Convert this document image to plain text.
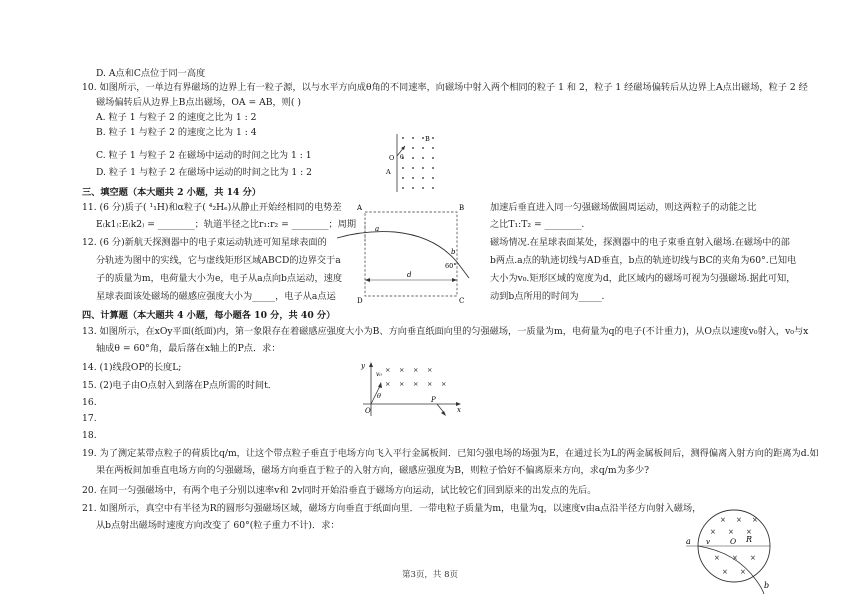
D. A点和C点位于同一高度
10. 如图所示，一单边有界磁场的边界上有一粒子源，以与水平方向成θ角的不同速率，向磁场中射入两个相同的粒子 1 和 2，粒子 1 经磁场偏转后从边界上A点出磁场，粒子 2 经
磁场偏转后从边界上B点出磁场，OA = AB，则( )
A. 粒子 1 与粒子 2 的速度之比为 1 : 2
B. 粒子 1 与粒子 2 的速度之比为 1 : 4
C. 粒子 1 与粒子 2 在磁场中运动的时间之比为 1 : 1
D. 粒子 1 与粒子 2 在磁场中运动的时间之比为 1 : 2
B
A
O θ
三、填空题（本大题共 2 小题，共 14 分）
11. (6 分)质子( ¹₁H)和α粒子( ⁴₂Hₑ)从静止开始经相同的电势差	加速后垂直进入同一匀强磁场做圆周运动，则这两粒子的动能之比
E₍k1₎:E₍k2₎ = ________；轨道半径之比r₁:r₂ = ________；周期	之比T₁:T₂ = ________.
12. (6 分)新航天探测器中的电子束运动轨迹可知星球表面的	磁场情况.在星球表面某处，探测器中的电子束垂直射入磁场.在磁场中的部
分轨迹为图中的实线，它与虚线矩形区域ABCD的边界交于a	b两点.a点的轨迹切线与AD垂直，b点的轨迹切线与BC的夹角为60°.已知电
子的质量为m，电荷量大小为e，电子从a点向b点运动，速度	大小为v₀.矩形区域的宽度为d，此区域内的磁场可视为匀强磁场.据此可知，
星球表面该处磁场的磁感应强度大小为_____，电子从a点运	动到b点所用的时间为_____.
A	B
C
D
a
b
60°
d
四、计算题（本大题共 4 小题，每小题各 10 分，共 40 分）
13. 如图所示，在xOy平面(纸面)内，第一象限存在着磁感应强度大小为B、方向垂直纸面向里的匀强磁场，一质量为m，电荷量为q的电子(不计重力)，从O点以速度v₀射入，v₀与x
轴成θ = 60°角，最后落在x轴上的P点．求：
14. (1)线段OP的长度L;
15. (2)电子由O点射入到落在P点所需的时间t．
16.
17.
18.
y
O	x
P
θ
v₀
× × × ×
× × × × ×
19. 为了测定某带点粒子的荷质比q/m，让这个带点粒子垂直于电场方向飞入平行金属板间．已知匀强电场的场强为E，在通过长为L的两金属板间后，测得偏离入射方向的距离为d.如
果在两板间加垂直电场方向的匀强磁场，磁场方向垂直于粒子的入射方向，磁感应强度为B，则粒子恰好不偏离原来方向，求q/m为多少?
20. 在同一匀强磁场中，有两个电子分别以速率v和 2v同时开始沿垂直于磁场方向运动，试比较它们回到原来的出发点的先后。
21. 如图所示，真空中有半径为R的圆形匀强磁场区域，磁场方向垂直于纸面向里．一带电粒子质量为m，电量为q，以速度v由a点沿半径方向射入磁场，
从b点射出磁场时速度方向改变了 60°(粒子重力不计)．求：
a v	O R
b
× × ×
× × ×
× × ×
× ×
第3页，共 8页
